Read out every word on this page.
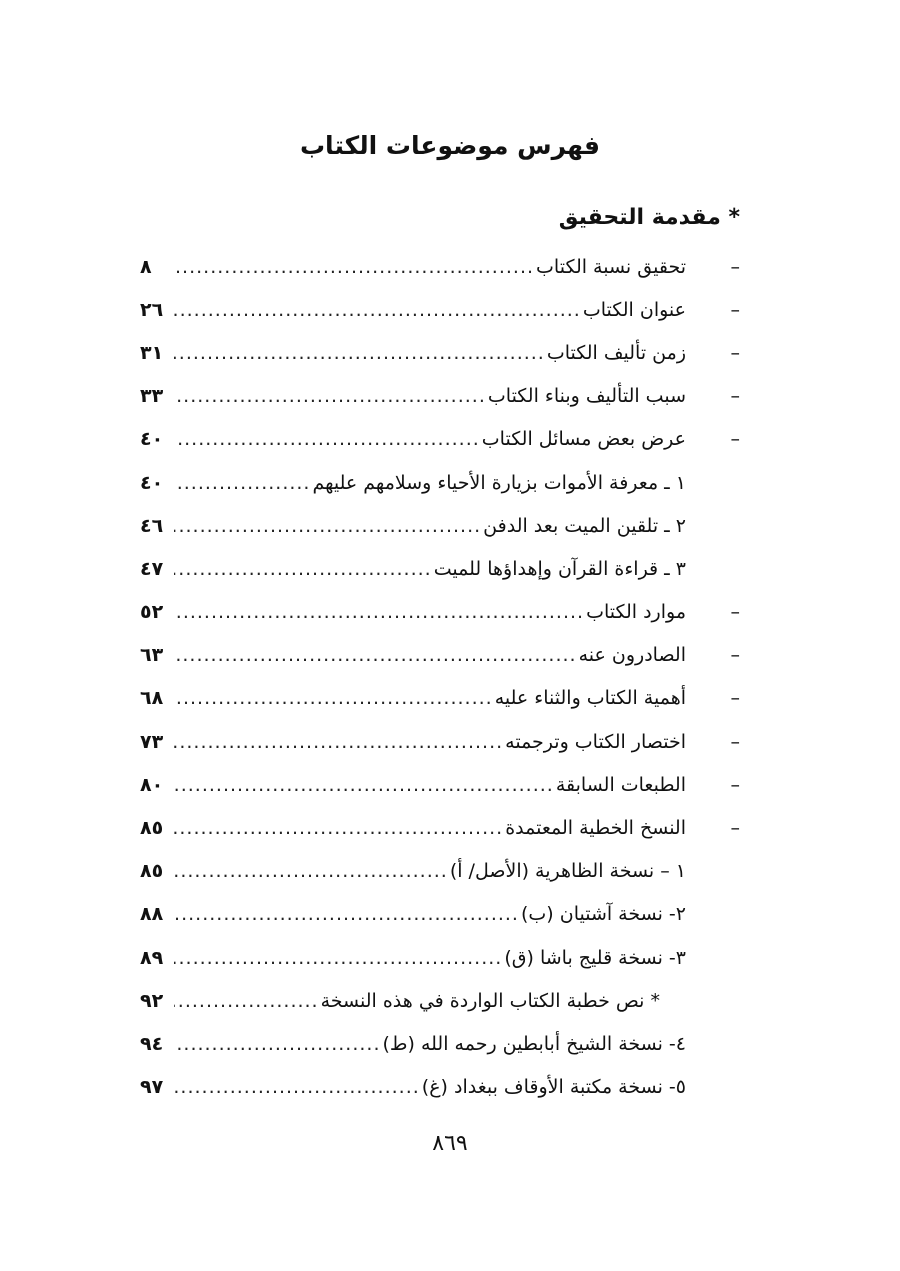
فهرس موضوعات الكتاب
* مقدمة التحقيق
–
تحقيق نسبة الكتاب
.....
٨
–
عنوان الكتاب
.....
٢٦
–
زمن تأليف الكتاب
.....
٣١
–
سبب التأليف وبناء الكتاب
.....
٣٣
–
عرض بعض مسائل الكتاب
.....
٤٠
١ ـ معرفة الأموات بزيارة الأحياء وسلامهم عليهم
.....
٤٠
٢ ـ تلقين الميت بعد الدفن
.....
٤٦
٣ ـ قراءة القرآن وإهداؤها للميت
.....
٤٧
–
موارد الكتاب
.....
٥٢
–
الصادرون عنه
.....
٦٣
–
أهمية الكتاب والثناء عليه
.....
٦٨
–
اختصار الكتاب وترجمته
.....
٧٣
–
الطبعات السابقة
.....
٨٠
–
النسخ الخطية المعتمدة
.....
٨٥
١ – نسخة الظاهرية (الأصل/ أ)
.....
٨٥
٢- نسخة آشتيان (ب)
.....
٨٨
٣- نسخة قليج باشا (ق)
.....
٨٩
* نص خطبة الكتاب الواردة في هذه النسخة
.....
٩٢
٤- نسخة الشيخ أبابطين رحمه الله (ط)
.....
٩٤
٥- نسخة مكتبة الأوقاف ببغداد (غ)
.....
٩٧
٨٦٩
